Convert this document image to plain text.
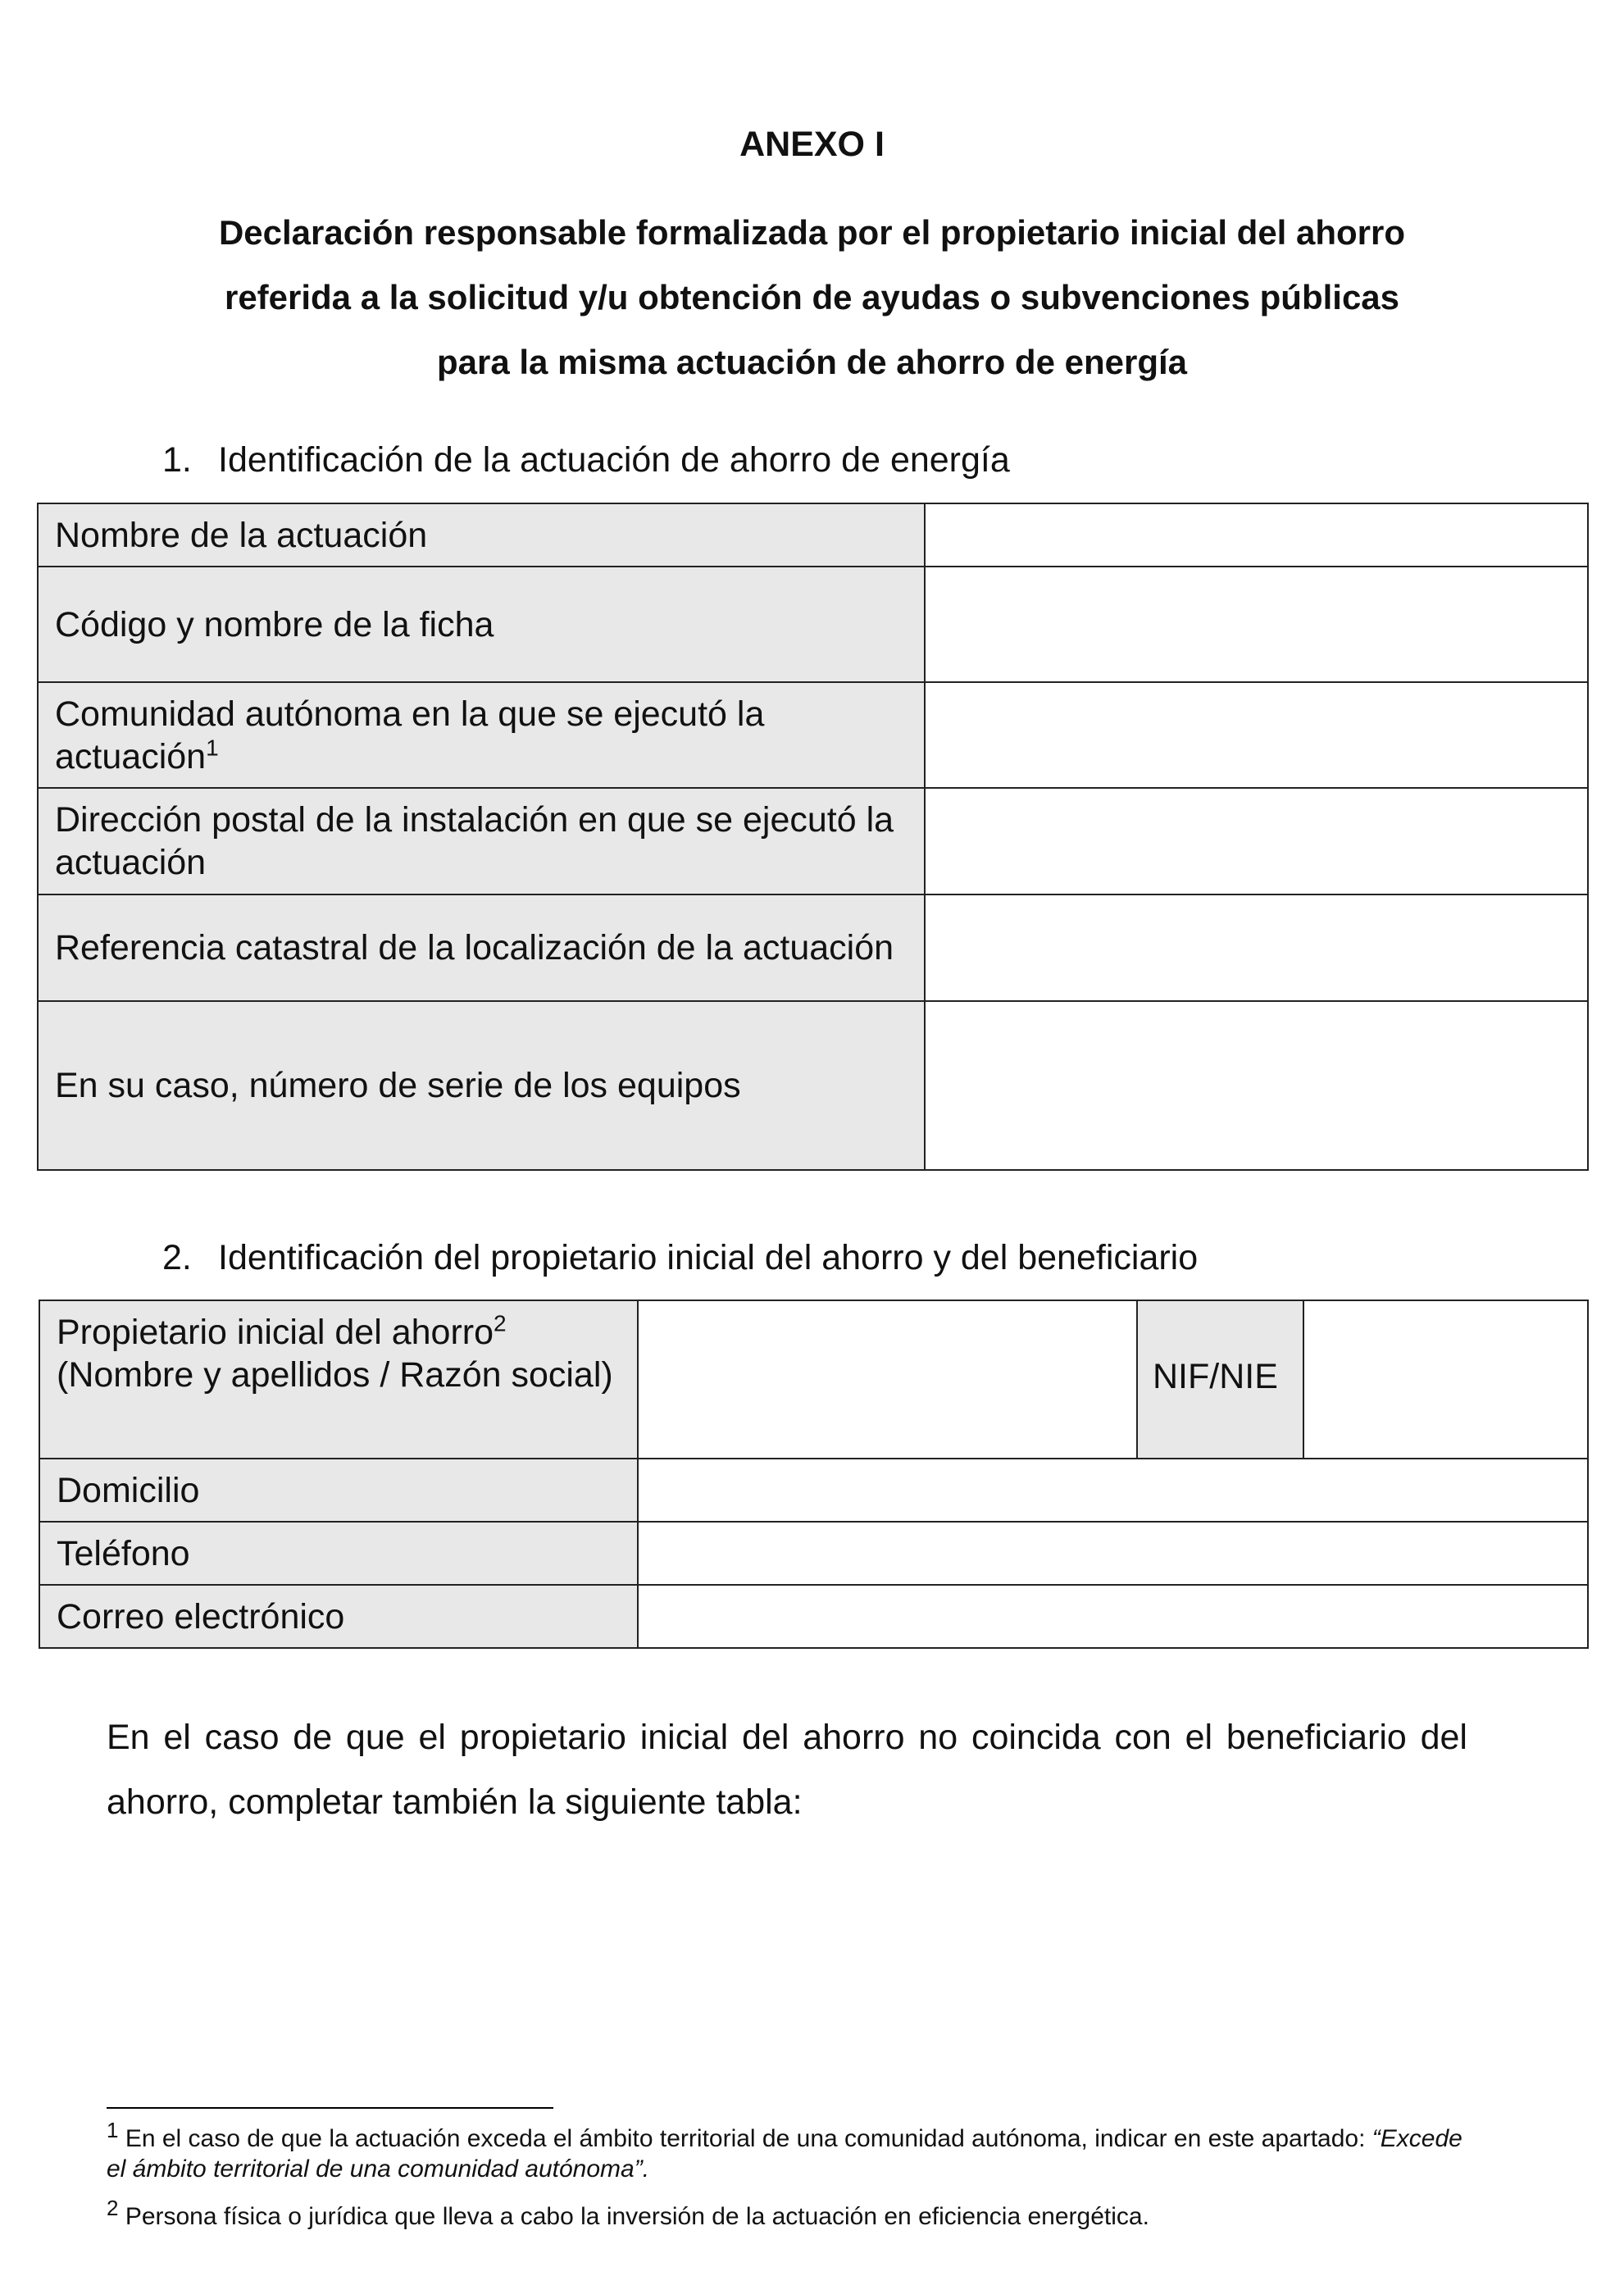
ANEXO I
Declaración responsable formalizada por el propietario inicial del ahorro
referida a la solicitud y/u obtención de ayudas o subvenciones públicas
para la misma actuación de ahorro de energía
1. Identificación de la actuación de ahorro de energía
Nombre de la actuación	
Código y nombre de la ficha	
Comunidad autónoma en la que se ejecutó la actuación$^1$	
Dirección postal de la instalación en que se ejecutó la actuación	
Referencia catastral de la localización de la actuación	
En su caso, número de serie de los equipos	
2. Identificación del propietario inicial del ahorro y del beneficiario
Propietario inicial del ahorro$^2$
(Nombre y apellidos / Razón social)		NIF/NIE	
Domicilio			
Teléfono			
Correo electrónico			
En el caso de que el propietario inicial del ahorro no coincida con el beneficiario del ahorro, completar también la siguiente tabla:
$^1$ En el caso de que la actuación exceda el ámbito territorial de una comunidad autónoma, indicar en este apartado: “Excede el ámbito territorial de una comunidad autónoma”.
$^2$ Persona física o jurídica que lleva a cabo la inversión de la actuación en eficiencia energética.
